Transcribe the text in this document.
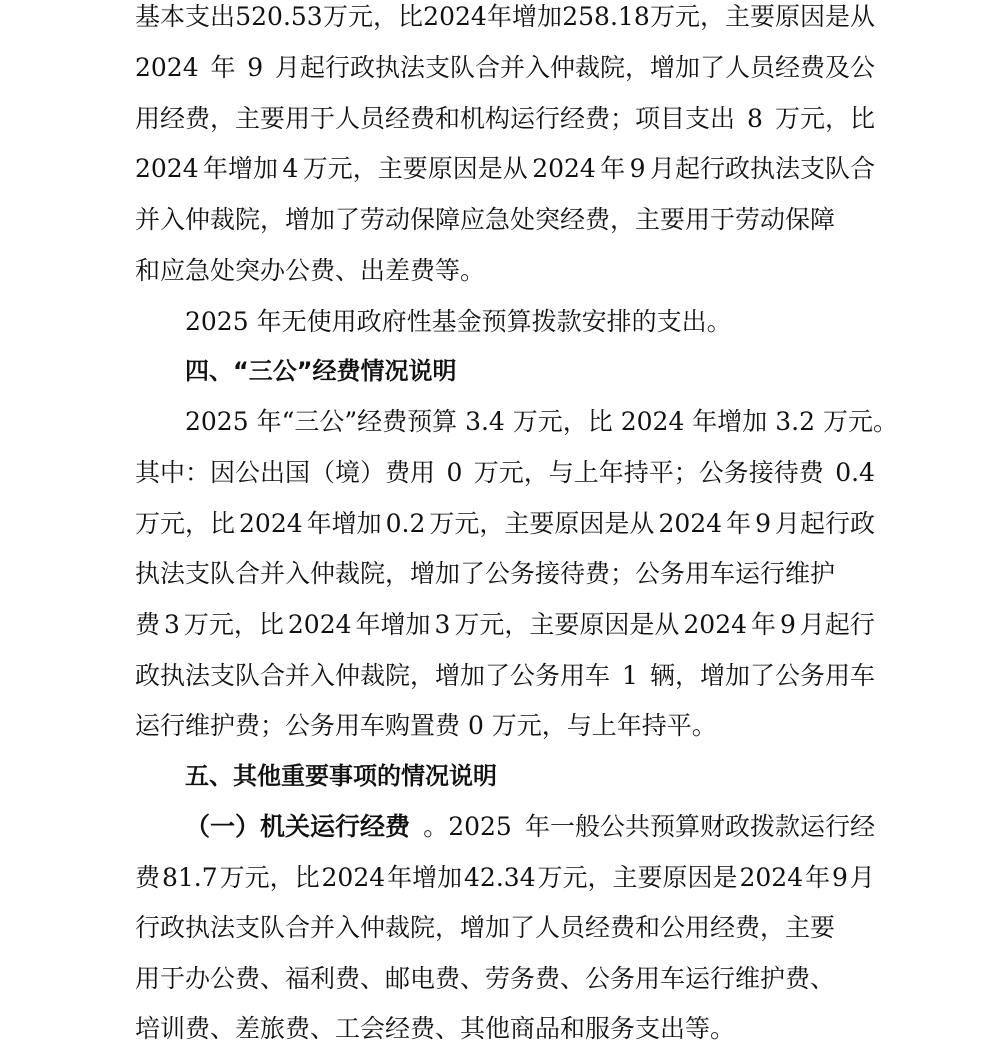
基本支出 520.53 万元，比 2024 年增加 258.18 万元，主要原因是从
2024 年 9 月起行政执法支队合并入仲裁院，增加了人员经费及公
用经费，主要用于人员经费和机构运行经费；项目支出 8 万元，比
2024 年增加 4 万元，主要原因是从 2024 年 9 月起行政执法支队合
并入仲裁院，增加了劳动保障应急处突经费，主要用于劳动保障
和应急处突办公费、出差费等。
2025 年无使用政府性基金预算拨款安排的支出。
四、“三公”经费情况说明
2025 年“三公”经费预算 3.4 万元，比 2024 年增加 3.2 万元。
其中：因公出国（境）费用 0 万元，与上年持平；公务接待费 0.4
万元，比 2024 年增加 0.2 万元，主要原因是从 2024 年 9 月起行政
执法支队合并入仲裁院，增加了公务接待费；公务用车运行维护
费 3 万元，比 2024 年增加 3 万元，主要原因是从 2024 年 9 月起行
政执法支队合并入仲裁院，增加了公务用车 1 辆，增加了公务用车
运行维护费；公务用车购置费 0 万元，与上年持平。
五、其他重要事项的情况说明
（一）机关运行经费 。2025 年一般公共预算财政拨款运行经
费 81.7 万元，比 2024 年增加 42.34 万元，主要原因是 2024 年 9 月
行政执法支队合并入仲裁院，增加了人员经费和公用经费，主要
用于办公费、福利费、邮电费、劳务费、公务用车运行维护费、
培训费、差旅费、工会经费、其他商品和服务支出等。
